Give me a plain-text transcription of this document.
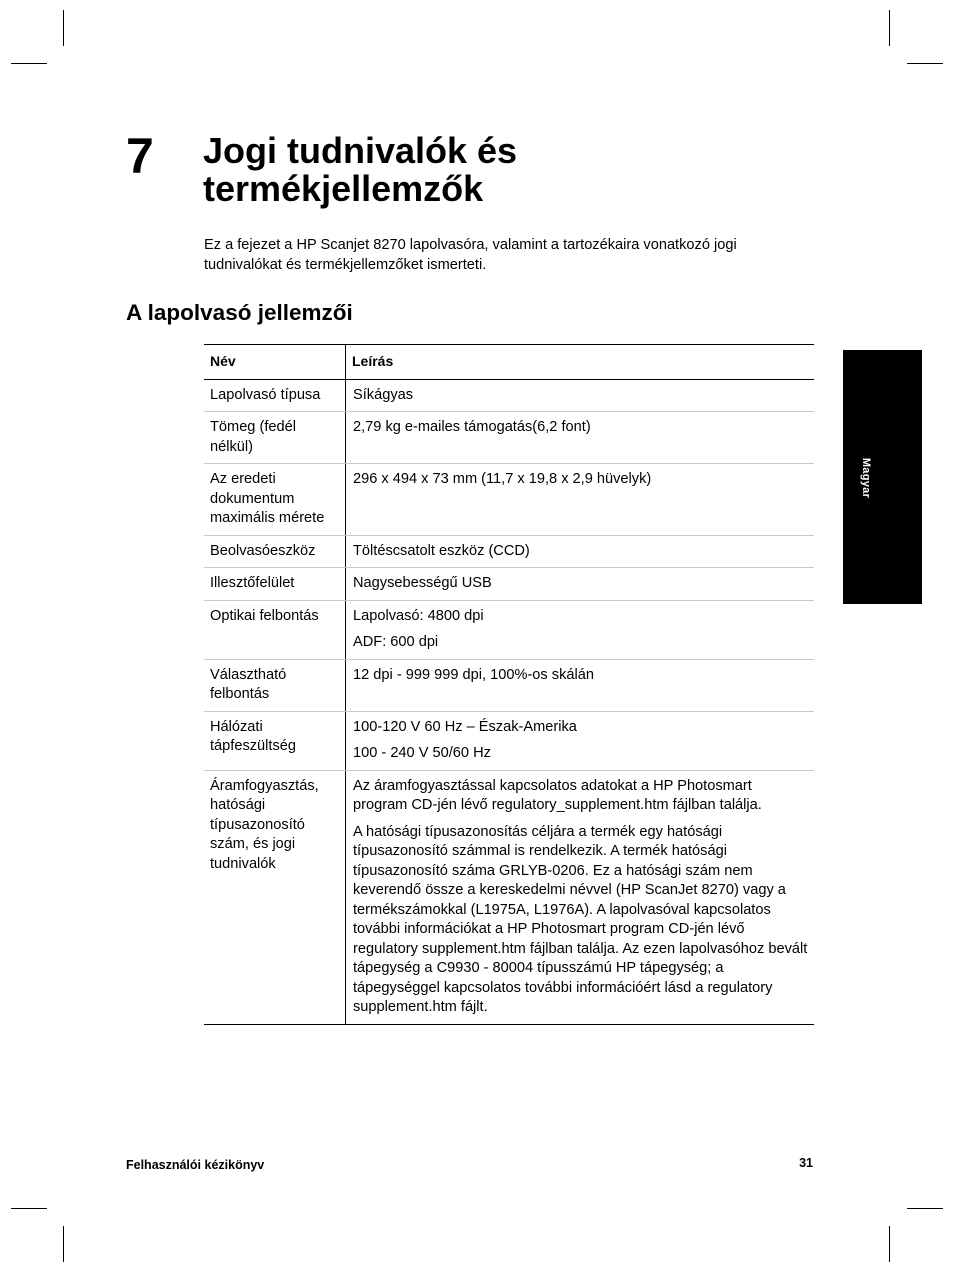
7 Jogi tudnivalók és
termékjellemzők

Ez a fejezet a HP Scanjet 8270 lapolvasóra, valamint a tartozékaira vonatkozó jogi
tudnivalókat és termékjellemzőket ismerteti.

A lapolvasó jellemzői
Név	Leírás
Lapolvasó típusa	Síkágyas

Tömeg (fedél nélkül)	2,79 kg e-mailes támogatás(6,2 font)

Az eredeti dokumentum maximális mérete	296 x 494 x 73 mm (11,7 x 19,8 x 2,9 hüvelyk)

Beolvasóeszköz	Töltéscsatolt eszköz (CCD)

Illesztőfelület	Nagysebességű USB

Optikai felbontás	Lapolvasó: 4800 dpi

ADF: 600 dpi

Választható felbontás	12 dpi - 999 999 dpi, 100%-os skálán

Hálózati tápfeszültség	100-120 V 60 Hz – Észak-Amerika

100 - 240 V 50/60 Hz

Áramfogyasztás, hatósági típusazonosító szám, és jogi tudnivalók	Az áramfogyasztással kapcsolatos adatokat a HP Photosmart program CD-jén lévő regulatory_supplement.htm fájlban találja.

A hatósági típusazonosítás céljára a termék egy hatósági típusazonosító számmal is rendelkezik. A termék hatósági típusazonosító száma GRLYB-0206. Ez a hatósági szám nem keverendő össze a kereskedelmi névvel (HP ScanJet 8270) vagy a termékszámokkal (L1975A, L1976A). A lapolvasóval kapcsolatos további információkat a HP Photosmart program CD-jén lévő regulatory supplement.htm fájlban találja. Az ezen lapolvasóhoz bevált tápegység a C9930 - 80004 típusszámú HP tápegység; a tápegységgel kapcsolatos további információért lásd a regulatory supplement.htm fájlt.

Magyar
Felhasználói kézikönyv	31
